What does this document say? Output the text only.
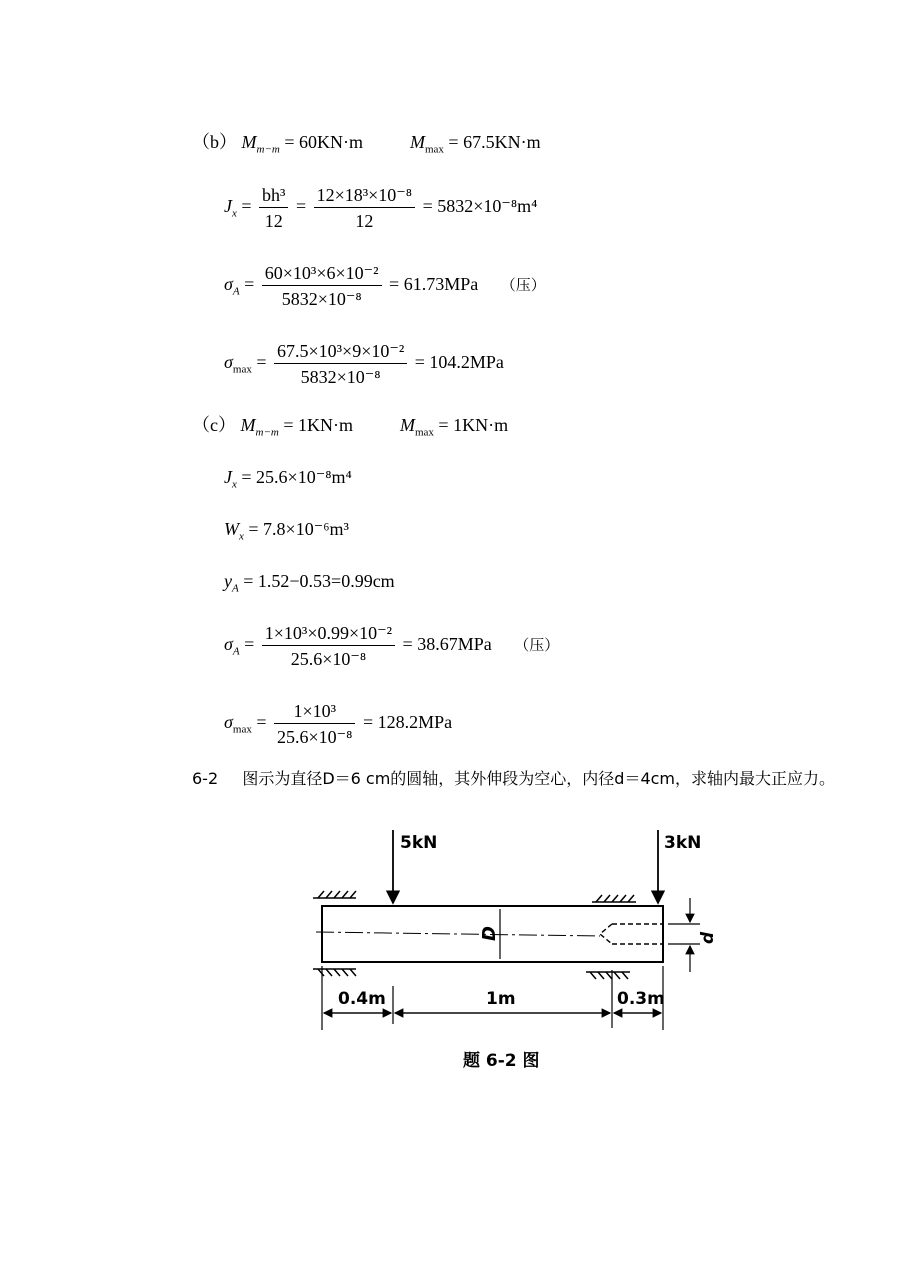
（b） $M_{m-m} = 60KN\cdot m$	$M_{max} = 67.5KN\cdot m$
$J_x = \frac{\text{bh³}}{12} = \frac{\text{12×18³×10⁻⁸}}{12} = 5832\times 10^{-8}m^4$
$\sigma_A = \frac{\text{60×10³×6×10⁻²}}{\text{5832×10⁻⁸}} = 61.73MPa$ （压）
$\sigma_{max} = \frac{\text{67.5×10³×9×10⁻²}}{\text{5832×10⁻⁸}} = 104.2MPa$
（c） $M_{m-m} = 1KN\cdot m$	$M_{max} = 1KN\cdot m$
$J_x = 25.6\times 10^{-8}m^4$
$W_x = 7.8\times 10^{-6}m^3$
$y_A = 1.52-0.53=0.99cm$
$\sigma_A = \frac{\text{1×10³×0.99×10⁻²}}{\text{25.6×10⁻⁸}} = 38.67MPa$ （压）
$\sigma_{max} = \frac{\text{1×10³}}{\text{25.6×10⁻⁸}} = 128.2MPa$
6-2 图示为直径D＝6 cm的圆轴，其外伸段为空心，内径d＝4cm，求轴内最大正应力。
D	d
5kN	3kN
0.4m	1m	0.3m
题 6-2 图
